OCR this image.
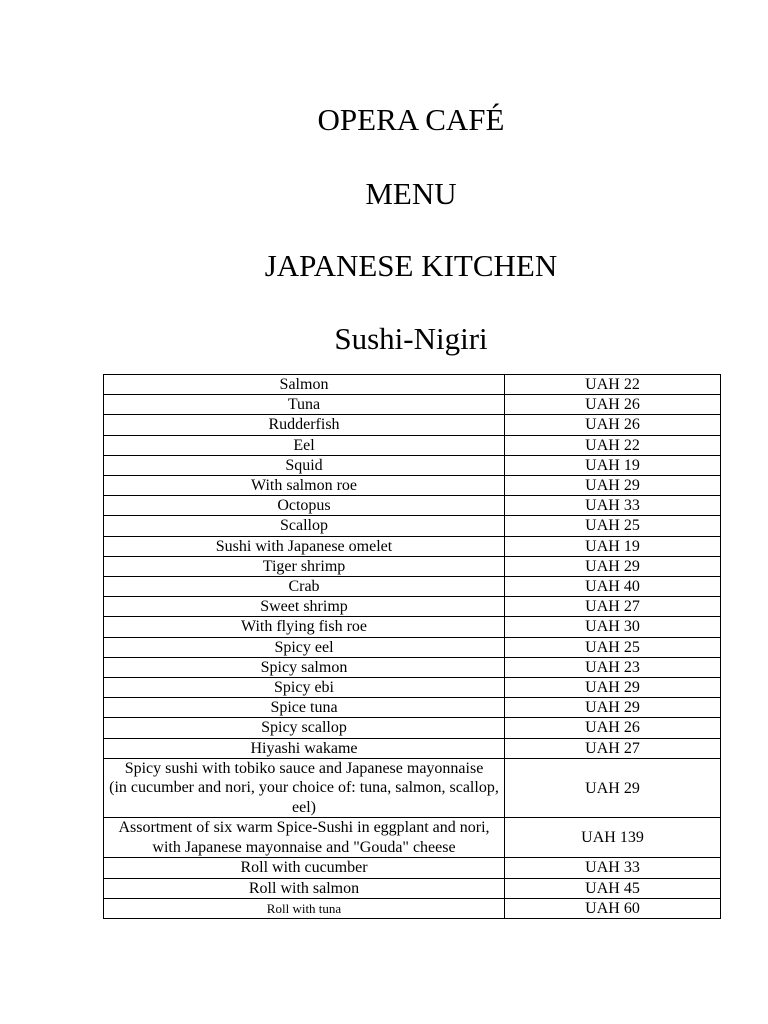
OPERA CAFÉ
MENU
JAPANESE KITCHEN
Sushi-Nigiri
Salmon	UAH 22
Tuna	UAH 26
Rudderfish	UAH 26
Eel	UAH 22
Squid	UAH 19
With salmon roe	UAH 29
Octopus	UAH 33
Scallop	UAH 25
Sushi with Japanese omelet	UAH 19
Tiger shrimp	UAH 29
Crab	UAH 40
Sweet shrimp	UAH 27
With flying fish roe	UAH 30
Spicy eel	UAH 25
Spicy salmon	UAH 23
Spicy ebi	UAH 29
Spice tuna	UAH 29
Spicy scallop	UAH 26
Hiyashi wakame	UAH 27

Spicy sushi with tobiko sauce and Japanese mayonnaise
(in cucumber and nori, your choice of: tuna, salmon, scallop, eel)	UAH 29
Assortment of six warm Spice-Sushi in eggplant and nori, with Japanese mayonnaise and "Gouda" cheese	UAH 139
Roll with cucumber	UAH 33
Roll with salmon	UAH 45
Roll with tuna	UAH 60
